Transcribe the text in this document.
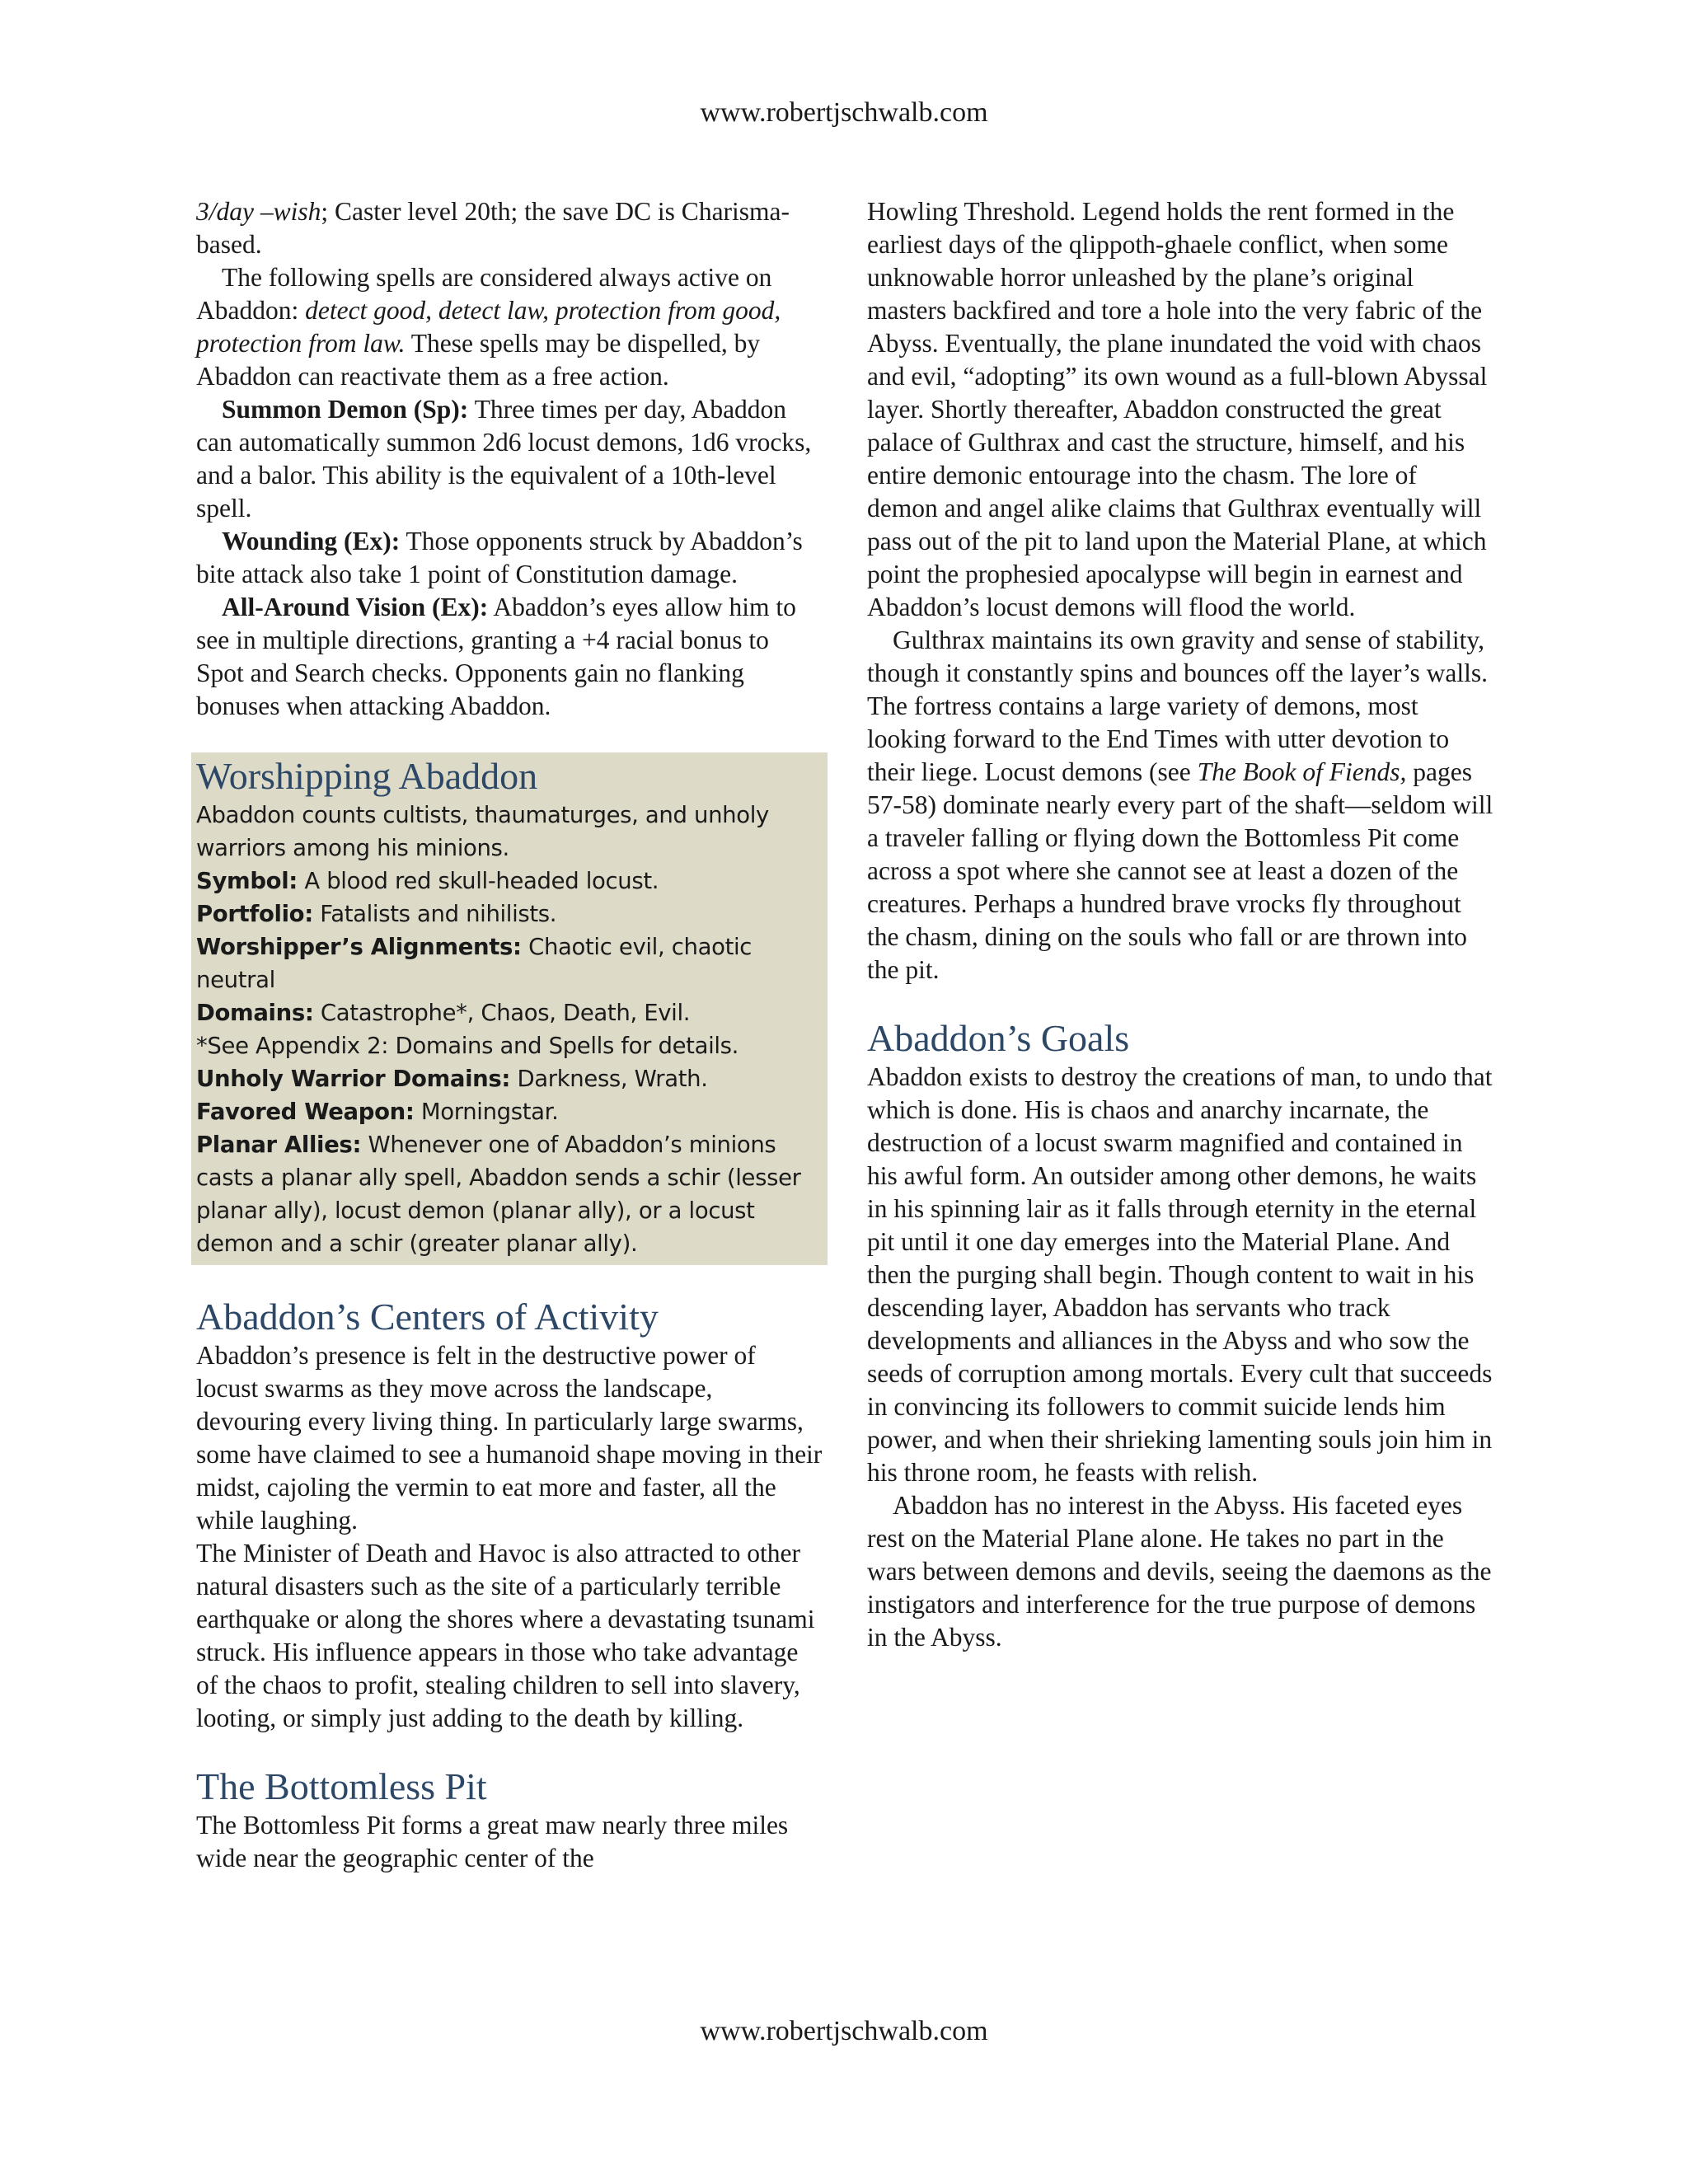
www.robertjschwalb.com

3/day –wish; Caster level 20th; the save DC is Charisma-based.

The following spells are considered always active on Abaddon: detect good, detect law, protection from good, protection from law. These spells may be dispelled, by Abaddon can reactivate them as a free action.

Summon Demon (Sp): Three times per day, Abaddon can automatically summon 2d6 locust demons, 1d6 vrocks, and a balor. This ability is the equivalent of a 10th-level spell.

Wounding (Ex): Those opponents struck by Abaddon’s bite attack also take 1 point of Constitution damage.

All-Around Vision (Ex): Abaddon’s eyes allow him to see in multiple directions, granting a +4 racial bonus to Spot and Search checks. Opponents gain no flanking bonuses when attacking Abaddon.

Worshipping Abaddon

Abaddon counts cultists, thaumaturges, and unholy warriors among his minions.

Symbol: A blood red skull-headed locust.

Portfolio: Fatalists and nihilists.

Worshipper’s Alignments: Chaotic evil, chaotic neutral

Domains: Catastrophe*, Chaos, Death, Evil.

*See Appendix 2: Domains and Spells for details.

Unholy Warrior Domains: Darkness, Wrath.

Favored Weapon: Morningstar.

Planar Allies: Whenever one of Abaddon’s minions casts a planar ally spell, Abaddon sends a schir (lesser planar ally), locust demon (planar ally), or a locust demon and a schir (greater planar ally).

Abaddon’s Centers of Activity

Abaddon’s presence is felt in the destructive power of locust swarms as they move across the landscape, devouring every living thing. In particularly large swarms, some have claimed to see a humanoid shape moving in their midst, cajoling the vermin to eat more and faster, all the while laughing.

The Minister of Death and Havoc is also attracted to other natural disasters such as the site of a particularly terrible earthquake or along the shores where a devastating tsunami struck. His influence appears in those who take advantage of the chaos to profit, stealing children to sell into slavery, looting, or simply just adding to the death by killing.

The Bottomless Pit

The Bottomless Pit forms a great maw nearly three miles wide near the geographic center of the

Howling Threshold. Legend holds the rent formed in the earliest days of the qlippoth-ghaele conflict, when some unknowable horror unleashed by the plane’s original masters backfired and tore a hole into the very fabric of the Abyss. Eventually, the plane inundated the void with chaos and evil, “adopting” its own wound as a full-blown Abyssal layer. Shortly thereafter, Abaddon constructed the great palace of Gulthrax and cast the structure, himself, and his entire demonic entourage into the chasm. The lore of demon and angel alike claims that Gulthrax eventually will pass out of the pit to land upon the Material Plane, at which point the prophesied apocalypse will begin in earnest and Abaddon’s locust demons will flood the world.

Gulthrax maintains its own gravity and sense of stability, though it constantly spins and bounces off the layer’s walls. The fortress contains a large variety of demons, most looking forward to the End Times with utter devotion to their liege. Locust demons (see The Book of Fiends, pages 57-58) dominate nearly every part of the shaft—seldom will a traveler falling or flying down the Bottomless Pit come across a spot where she cannot see at least a dozen of the creatures. Perhaps a hundred brave vrocks fly throughout the chasm, dining on the souls who fall or are thrown into the pit.

Abaddon’s Goals

Abaddon exists to destroy the creations of man, to undo that which is done. His is chaos and anarchy incarnate, the destruction of a locust swarm magnified and contained in his awful form. An outsider among other demons, he waits in his spinning lair as it falls through eternity in the eternal pit until it one day emerges into the Material Plane. And then the purging shall begin. Though content to wait in his descending layer, Abaddon has servants who track developments and alliances in the Abyss and who sow the seeds of corruption among mortals. Every cult that succeeds in convincing its followers to commit suicide lends him power, and when their shrieking lamenting souls join him in his throne room, he feasts with relish.

Abaddon has no interest in the Abyss. His faceted eyes rest on the Material Plane alone. He takes no part in the wars between demons and devils, seeing the daemons as the instigators and interference for the true purpose of demons in the Abyss.

www.robertjschwalb.com
